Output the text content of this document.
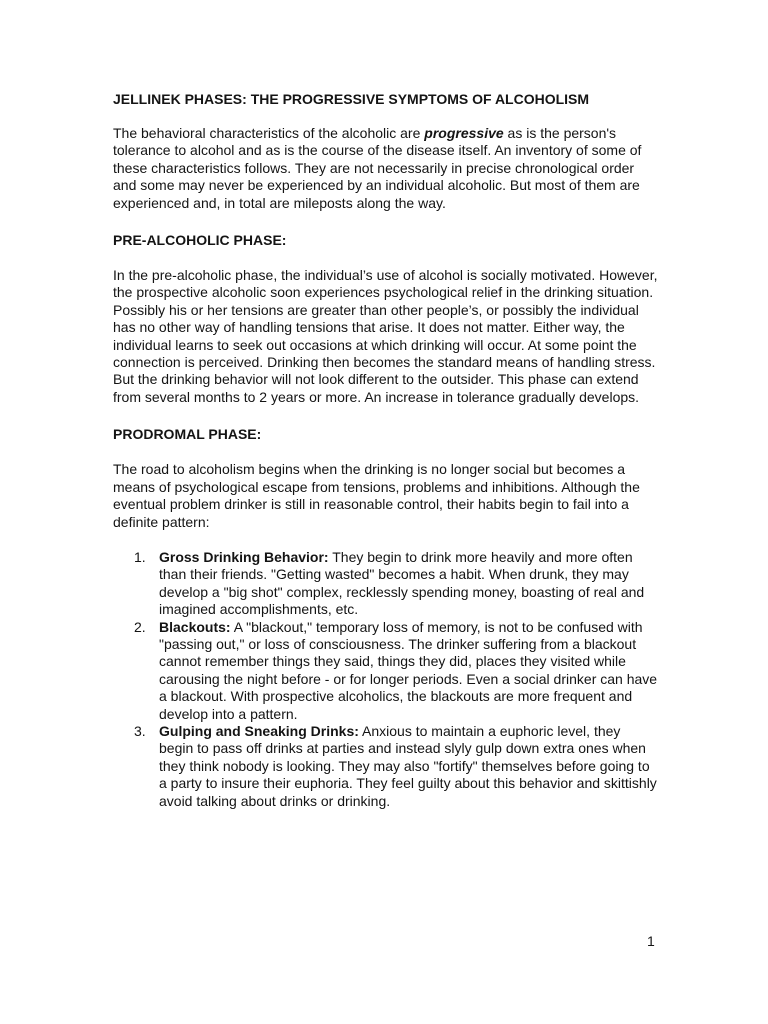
JELLINEK PHASES: THE PROGRESSIVE SYMPTOMS OF ALCOHOLISM

The behavioral characteristics of the alcoholic are progressive as is the person's tolerance to alcohol and as is the course of the disease itself. An inventory of some of these characteristics follows. They are not necessarily in precise chronological order and some may never be experienced by an individual alcoholic. But most of them are experienced and, in total are mileposts along the way.

PRE-ALCOHOLIC PHASE:

In the pre-alcoholic phase, the individual’s use of alcohol is socially motivated. However, the prospective alcoholic soon experiences psychological relief in the drinking situation. Possibly his or her tensions are greater than other people’s, or possibly the individual has no other way of handling tensions that arise. It does not matter. Either way, the individual learns to seek out occasions at which drinking will occur. At some point the connection is perceived. Drinking then becomes the standard means of handling stress. But the drinking behavior will not look different to the outsider. This phase can extend from several months to 2 years or more. An increase in tolerance gradually develops.

PRODROMAL PHASE:

The road to alcoholism begins when the drinking is no longer social but becomes a means of psychological escape from tensions, problems and inhibitions. Although the eventual problem drinker is still in reasonable control, their habits begin to fail into a definite pattern:

1. Gross Drinking Behavior: They begin to drink more heavily and more often than their friends. "Getting wasted" becomes a habit. When drunk, they may develop a "big shot" complex, recklessly spending money, boasting of real and imagined accomplishments, etc.
2. Blackouts: A "blackout," temporary loss of memory, is not to be confused with "passing out," or loss of consciousness. The drinker suffering from a blackout cannot remember things they said, things they did, places they visited while carousing the night before - or for longer periods. Even a social drinker can have a blackout. With prospective alcoholics, the blackouts are more frequent and develop into a pattern.
3. Gulping and Sneaking Drinks: Anxious to maintain a euphoric level, they begin to pass off drinks at parties and instead slyly gulp down extra ones when they think nobody is looking. They may also "fortify" themselves before going to a party to insure their euphoria. They feel guilty about this behavior and skittishly avoid talking about drinks or drinking.
1
